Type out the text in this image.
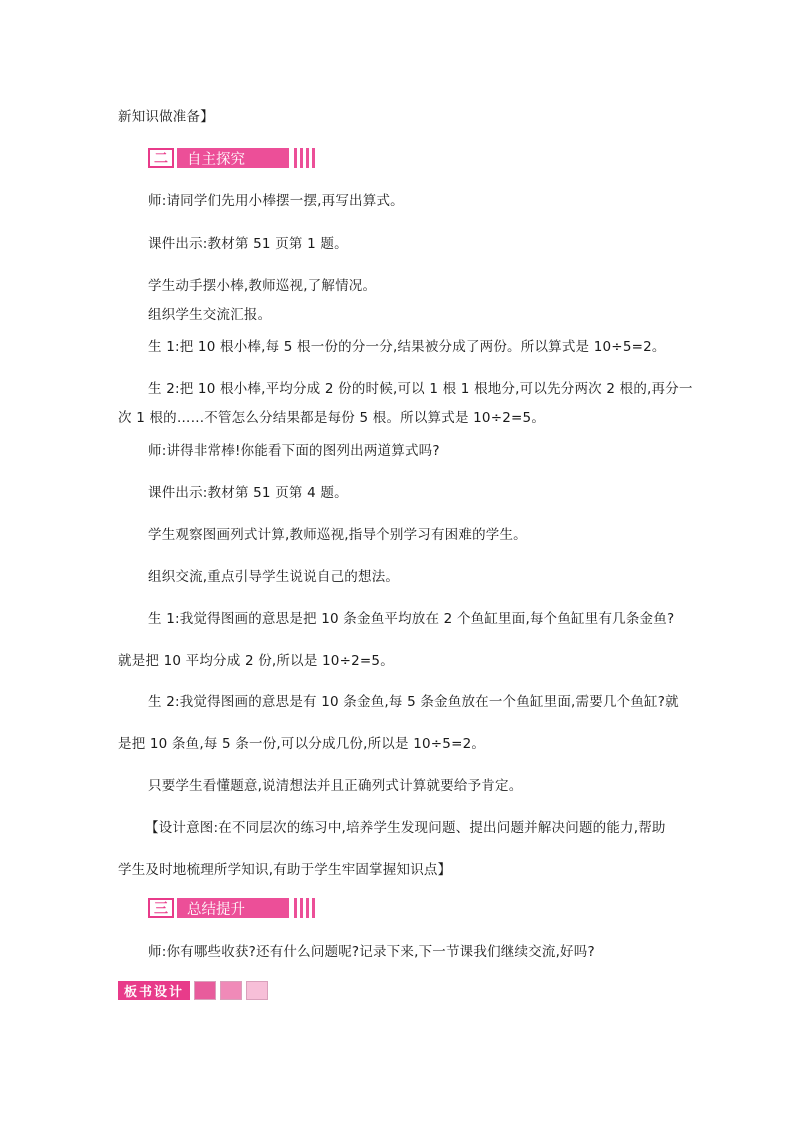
新知识做准备】
二	自主探究
师:请同学们先用小棒摆一摆,再写出算式。
课件出示:教材第 51 页第 1 题。
学生动手摆小棒,教师巡视,了解情况。
组织学生交流汇报。
生 1:把 10 根小棒,每 5 根一份的分一分,结果被分成了两份。所以算式是 10÷5=2。
生 2:把 10 根小棒,平均分成 2 份的时候,可以 1 根 1 根地分,可以先分两次 2 根的,再分一
次 1 根的……不管怎么分结果都是每份 5 根。所以算式是 10÷2=5。
师:讲得非常棒!你能看下面的图列出两道算式吗?
课件出示:教材第 51 页第 4 题。
学生观察图画列式计算,教师巡视,指导个别学习有困难的学生。
组织交流,重点引导学生说说自己的想法。
生 1:我觉得图画的意思是把 10 条金鱼平均放在 2 个鱼缸里面,每个鱼缸里有几条金鱼?
就是把 10 平均分成 2 份,所以是 10÷2=5。
生 2:我觉得图画的意思是有 10 条金鱼,每 5 条金鱼放在一个鱼缸里面,需要几个鱼缸?就
是把 10 条鱼,每 5 条一份,可以分成几份,所以是 10÷5=2。
只要学生看懂题意,说清想法并且正确列式计算就要给予肯定。
【设计意图:在不同层次的练习中,培养学生发现问题、提出问题并解决问题的能力,帮助
学生及时地梳理所学知识,有助于学生牢固掌握知识点】
三	总结提升
师:你有哪些收获?还有什么问题呢?记录下来,下一节课我们继续交流,好吗?
板书设计
